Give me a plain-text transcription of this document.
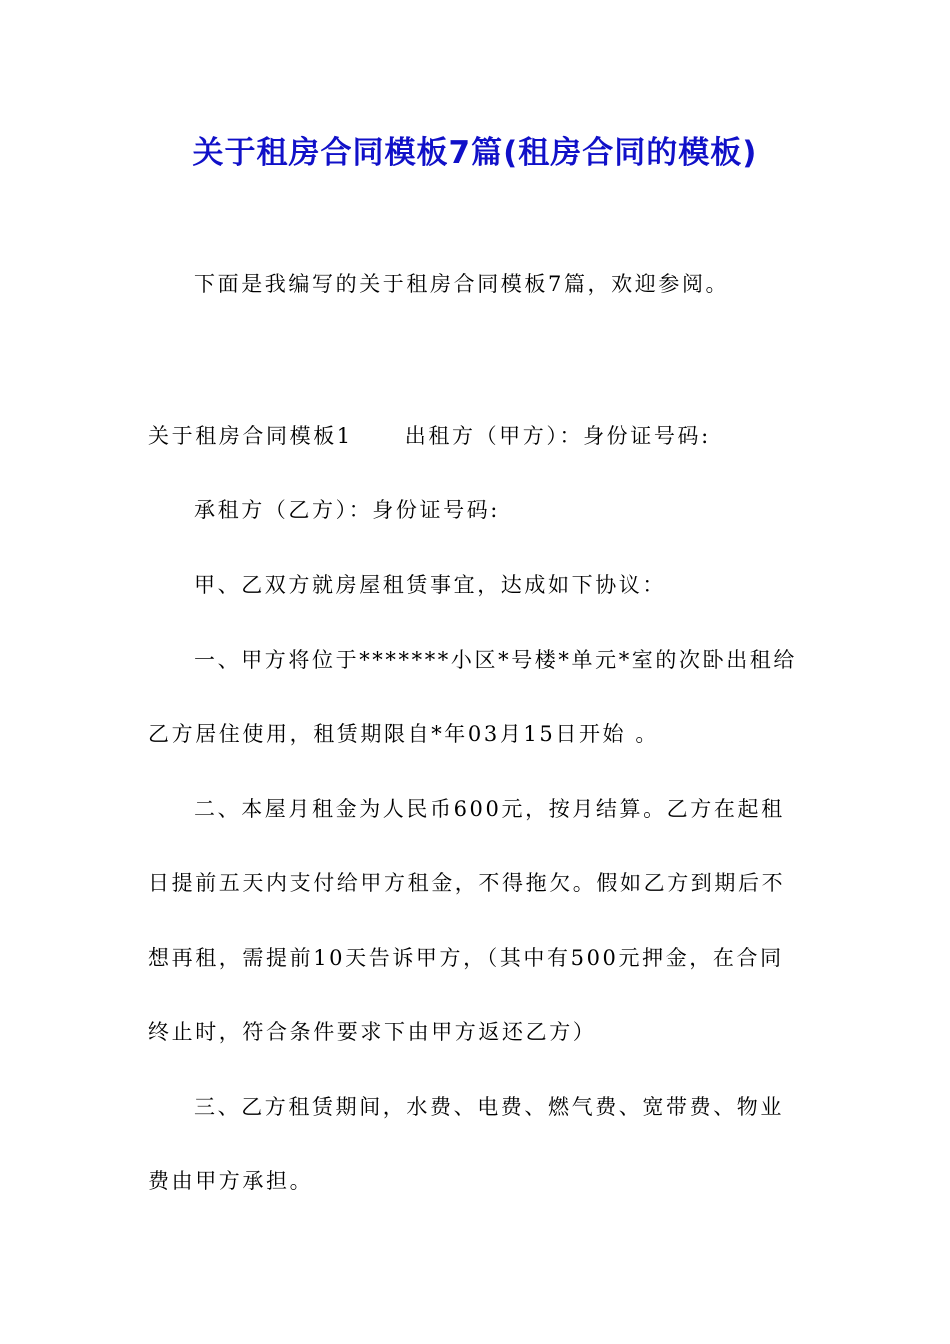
关于租房合同模板7篇(租房合同的模板)
下面是我编写的关于租房合同模板7篇，欢迎参阅。
关于租房合同模板1 出租方（甲方）：身份证号码:
承租方（乙方）：身份证号码:
甲、乙双方就房屋租赁事宜，达成如下协议：
一、甲方将位于*******小区*号楼*单元*室的次卧出租给
乙方居住使用，租赁期限自*年03月15日开始 。
二、本屋月租金为人民币600元，按月结算。乙方在起租
日提前五天内支付给甲方租金，不得拖欠。假如乙方到期后不
想再租，需提前10天告诉甲方，（其中有500元押金，在合同
终止时，符合条件要求下由甲方返还乙方）
三、乙方租赁期间，水费、电费、燃气费、宽带费、物业
费由甲方承担。
